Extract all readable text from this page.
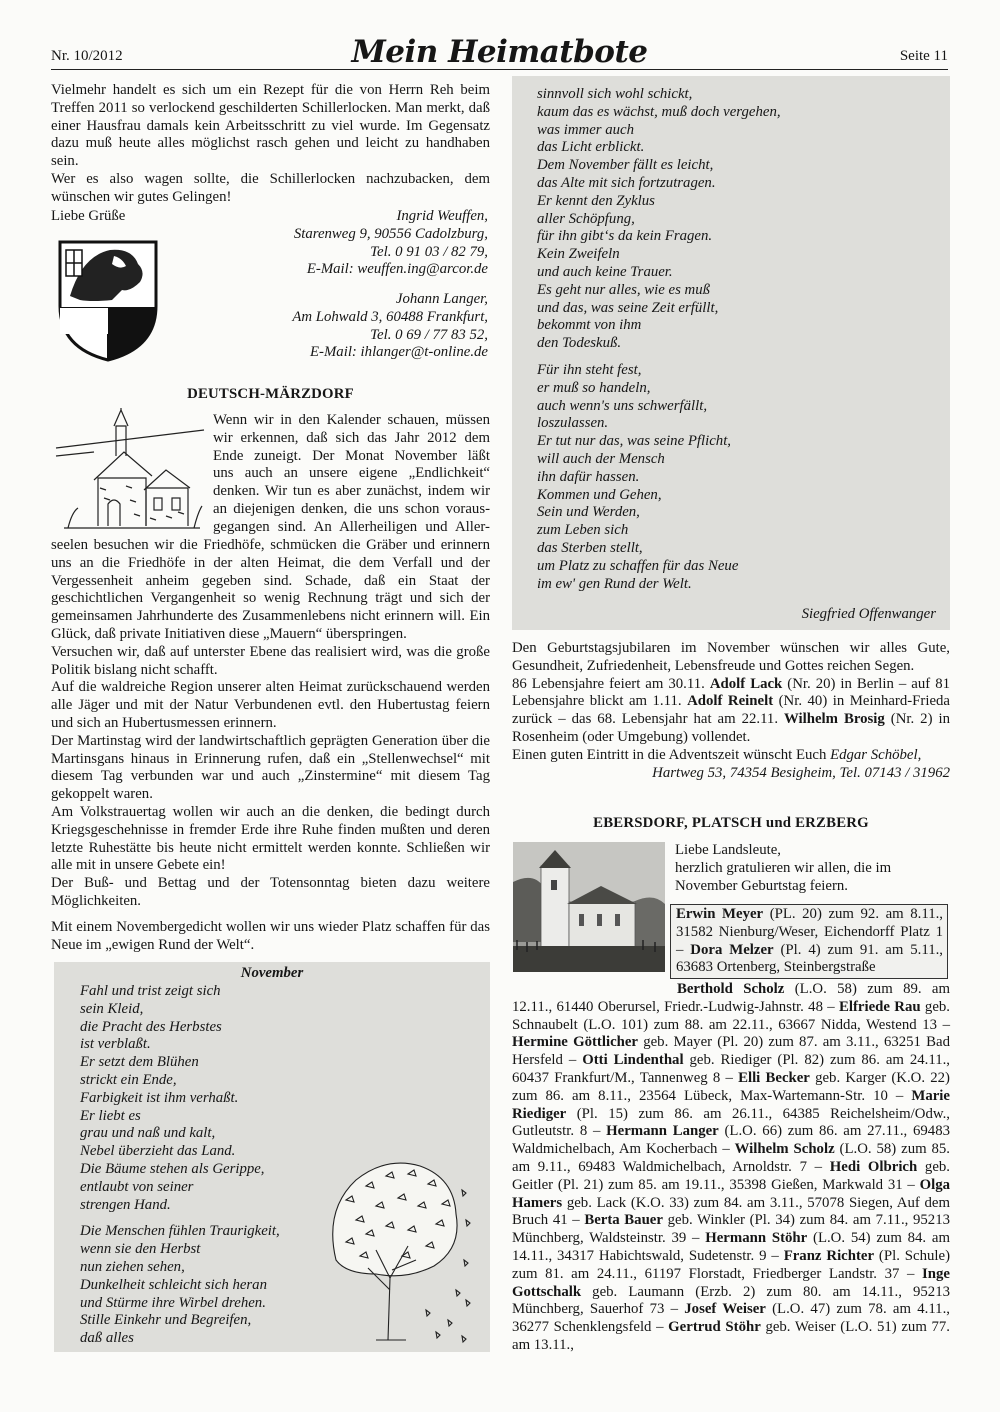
Nr. 10/2012	Mein Heimatbote	Seite 11

Vielmehr handelt es sich um ein Rezept für die von Herrn Reh beim Treffen 2011 so verlockend geschilderten Schillerlocken. Man merkt, daß einer Hausfrau damals kein Arbeitsschritt zu viel wurde. Im Gegensatz dazu muß heute alles möglichst rasch gehen und leicht zu handhaben sein.

Wer es also wagen sollte, die Schillerlocken nachzubacken, dem wünschen wir gutes Gelingen!

Liebe Grüße	Ingrid Weuffen,

Starenweg 9, 90556 Cadolzburg,

Tel. 0 91 03 / 82 79,

E-Mail: weuffen.ing@arcor.de

Johann Langer,

Am Lohwald 3, 60488 Frankfurt,

Tel. 0 69 / 77 83 52,

E-Mail: ihlanger@t-online.de

DEUTSCH-MÄRZDORF

Wenn wir in den Kalender schauen, müssen

wir erkennen, daß sich das Jahr 2012 dem

Ende zuneigt. Der Monat November läßt

uns auch an unsere eigene „Endlichkeit“

denken. Wir tun es aber zunächst, indem wir

an diejenigen denken, die uns schon voraus-

gegangen sind. An Allerheiligen und Aller-

seelen besuchen wir die Friedhöfe, schmücken die Gräber und erinnern uns an die Friedhöfe in der alten Heimat, die dem Verfall und der Vergessenheit anheim gegeben sind. Schade, daß ein Staat der geschichtlichen Vergangenheit so wenig Rechnung trägt und sich der gemeinsamen Jahrhunderte des Zusammenlebens nicht erinnern will. Ein Glück, daß private Initiativen diese „Mauern“ überspringen.

Versuchen wir, daß auf unterster Ebene das realisiert wird, was die große Politik bislang nicht schafft.

Auf die waldreiche Region unserer alten Heimat zurückschauend werden alle Jäger und mit der Natur Verbundenen evtl. den Hubertustag feiern und sich an Hubertusmessen erinnern.

Der Martinstag wird der landwirtschaftlich geprägten Generation über die Martinsgans hinaus in Erinnerung rufen, daß ein „Stellenwechsel“ mit diesem Tag verbunden war und auch „Zinstermine“ mit diesem Tag gekoppelt waren.

Am Volkstrauertag wollen wir auch an die denken, die bedingt durch Kriegsgeschehnisse in fremder Erde ihre Ruhe finden mußten und deren letzte Ruhestätte bis heute nicht ermittelt werden konnte. Schließen wir alle mit in unsere Gebete ein!

Der Buß- und Bettag und der Totensonntag bieten dazu weitere Möglichkeiten.

Mit einem Novembergedicht wollen wir uns wieder Platz schaffen für das Neue im „ewigen Rund der Welt“.

November

Fahl und trist zeigt sich

sein Kleid,

die Pracht des Herbstes

ist verblaßt.

Er setzt dem Blühen

strickt ein Ende,

Farbigkeit ist ihm verhaßt.

Er liebt es

grau und naß und kalt,

Nebel überzieht das Land.

Die Bäume stehen als Gerippe,

entlaubt von seiner

strengen Hand.

Die Menschen fühlen Traurigkeit,

wenn sie den Herbst

nun ziehen sehen,

Dunkelheit schleicht sich heran

und Stürme ihre Wirbel drehen.

Stille Einkehr und Begreifen,

daß alles

sinnvoll sich wohl schickt,

kaum das es wächst, muß doch vergehen,

was immer auch

das Licht erblickt.

Dem November fällt es leicht,

das Alte mit sich fortzutragen.

Er kennt den Zyklus

aller Schöpfung,

für ihn gibt‘s da kein Fragen.

Kein Zweifeln

und auch keine Trauer.

Es geht nur alles, wie es muß

und das, was seine Zeit erfüllt,

bekommt von ihm

den Todeskuß.

Für ihn steht fest,

er muß so handeln,

auch wenn's uns schwerfällt,

loszulassen.

Er tut nur das, was seine Pflicht,

will auch der Mensch

ihn dafür hassen.

Kommen und Gehen,

Sein und Werden,

zum Leben sich

das Sterben stellt,

um Platz zu schaffen für das Neue

im ew' gen Rund der Welt.

Siegfried Offenwanger

Den Geburtstagsjubilaren im November wünschen wir alles Gute, Gesundheit, Zufriedenheit, Lebensfreude und Gottes reichen Segen.

86 Lebensjahre feiert am 30.11. Adolf Lack (Nr. 20) in Berlin – auf 81 Lebensjahre blickt am 1.11. Adolf Reinelt (Nr. 40) in Meinhard-Frieda zurück – das 68. Lebensjahr hat am 22.11. Wilhelm Brosig (Nr. 2) in Rosenheim (oder Umgebung) vollendet.

Einen guten Eintritt in die Adventszeit wünscht Euch Edgar Schöbel,

Hartweg 53, 74354 Besigheim, Tel. 07143 / 31962

EBERSDORF, PLATSCH und ERZBERG

Liebe Landsleute,

herzlich gratulieren wir allen, die im November Geburtstag feiern.

Erwin Meyer (PL. 20) zum 92. am 8.11., 31582 Nienburg/Weser, Eichendorff Platz 1 – Dora Melzer (Pl. 4) zum 91. am 5.11., 63683 Ortenberg, Steinbergstraße

Berthold Scholz (L.O. 58) zum 89. am 12.11., 61440 Oberursel, Friedr.-Ludwig-Jahnstr. 48 – Elfriede Rau geb. Schnaubelt (L.O. 101) zum 88. am 22.11., 63667 Nidda, Westend 13 – Hermine Göttlicher geb. Mayer (Pl. 20) zum 87. am 3.11., 63251 Bad Hersfeld – Otti Lindenthal geb. Riediger (Pl. 82) zum 86. am 24.11., 60437 Frankfurt/M., Tannenweg 8 – Elli Becker geb. Karger (K.O. 22) zum 86. am 8.11., 23564 Lübeck, Max-Wartemann-Str. 10 – Marie Riediger (Pl. 15) zum 86. am 26.11., 64385 Reichelsheim/Odw., Gutleutstr. 8 – Hermann Langer (L.O. 66) zum 86. am 27.11., 69483 Waldmichelbach, Am Kocherbach – Wilhelm Scholz (L.O. 58) zum 85. am 9.11., 69483 Waldmichelbach, Arnoldstr. 7 – Hedi Olbrich geb. Geitler (Pl. 21) zum 85. am 19.11., 35398 Gießen, Markwald 31 – Olga Hamers geb. Lack (K.O. 33) zum 84. am 3.11., 57078 Siegen, Auf dem Bruch 41 – Berta Bauer geb. Winkler (Pl. 34) zum 84. am 7.11., 95213 Münchberg, Waldsteinstr. 39 – Hermann Stöhr (L.O. 54) zum 84. am 14.11., 34317 Habichtswald, Sudetenstr. 9 – Franz Richter (Pl. Schule) zum 81. am 24.11., 61197 Florstadt, Friedberger Landstr. 37 – Inge Gottschalk geb. Laumann (Erzb. 2) zum 80. am 14.11., 95213 Münchberg, Sauerhof 73 – Josef Weiser (L.O. 47) zum 78. am 4.11., 36277 Schenklengsfeld – Gertrud Stöhr geb. Weiser (L.O. 51) zum 77. am 13.11.,
